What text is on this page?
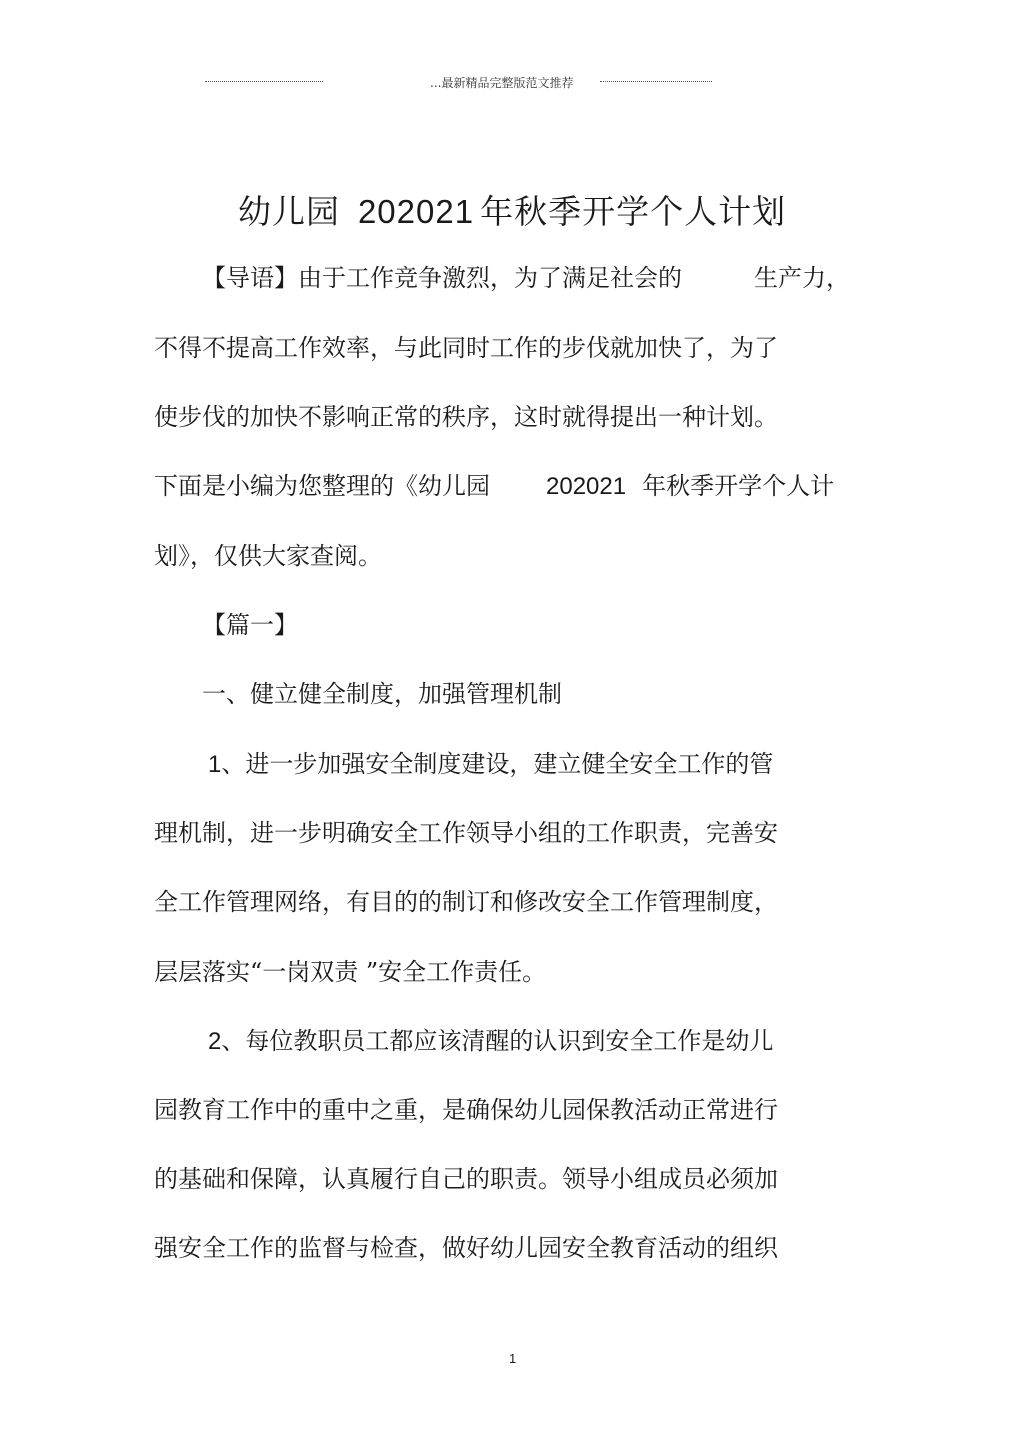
...最新精品完整版范文推荐
幼儿园 202021 年秋季开学个人计划
【导语】由于工作竞争激烈，为了满足社会的	生产力，
不得不提高工作效率，与此同时工作的步伐就加快了，为了
使步伐的加快不影响正常的秩序，这时就得提出一种计划。
下面是小编为您整理的《幼儿园 202021 年秋季开学个人计
划》，仅供大家查阅。
【篇一】
一、健立健全制度，加强管理机制
1、进一步加强安全制度建设，建立健全安全工作的管
理机制，进一步明确安全工作领导小组的工作职责，完善安
全工作管理网络，有目的的制订和修改安全工作管理制度，
层层落实“一岗双责 ”安全工作责任。
2、每位教职员工都应该清醒的认识到安全工作是幼儿
园教育工作中的重中之重，是确保幼儿园保教活动正常进行
的基础和保障，认真履行自己的职责。领导小组成员必须加
强安全工作的监督与检查，做好幼儿园安全教育活动的组织
1
